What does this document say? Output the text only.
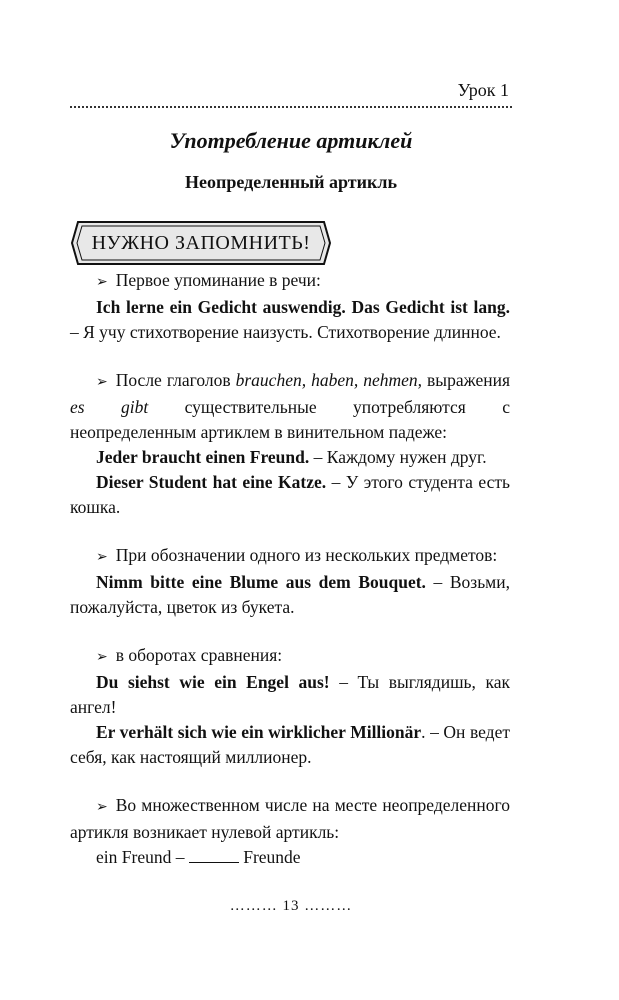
Урок 1
Употребление артиклей
Неопределенный артикль
НУЖНО ЗАПОМНИТЬ!

➢ Первое упоминание в речи:

Ich lerne ein Gedicht auswendig. Das Gedicht ist lang. – Я учу стихотворение наизусть. Стихотворение длинное.

➢ После глаголов brauchen, haben, nehmen, выражения es gibt существительные употребляются с неопределенным артиклем в винительном падеже:

Jeder braucht einen Freund. – Каждому нужен друг.

Dieser Student hat eine Katze. – У этого студента есть кошка.

➢ При обозначении одного из нескольких предметов:

Nimm bitte eine Blume aus dem Bouquet. – Возьми, пожалуйста, цветок из букета.

➢ в оборотах сравнения:

Du siehst wie ein Engel aus! – Ты выглядишь, как ангел!

Er verhält sich wie ein wirklicher Millionär. – Он ведет себя, как настоящий миллионер.

➢ Во множественном числе на месте неопределенного артикля возникает нулевой артикль:

ein Freund –	Freunde

……… 13 ………
